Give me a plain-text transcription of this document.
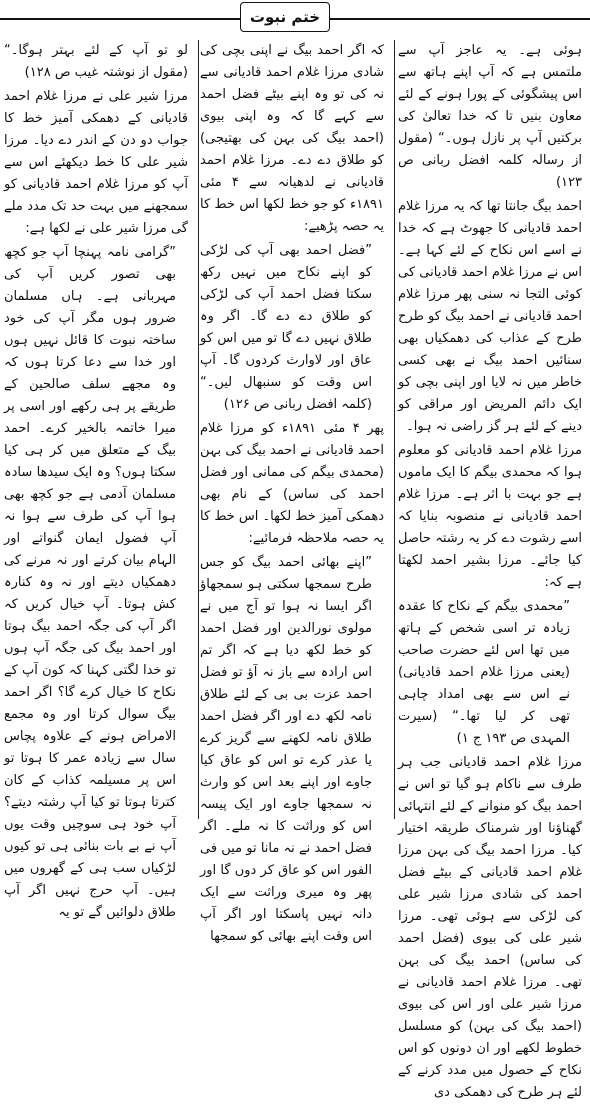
ختم نبوت

ہوئی ہے۔ یہ عاجز آپ سے ملتمس ہے کہ آپ اپنے ہاتھ سے اس پیشگوئی کے پورا ہونے کے لئے معاون بنیں تا کہ خدا تعالیٰ کی برکتیں آپ پر نازل ہوں۔“ (مقول از رسالہ کلمہ افضل ربانی ص ۱۲۳)

احمد بیگ جانتا تھا کہ یہ مرزا غلام احمد قادیانی کا جھوٹ ہے کہ خدا نے اسے اس نکاح کے لئے کہا ہے۔ اس نے مرزا غلام احمد قادیانی کی کوئی التجا نہ سنی پھر مرزا غلام احمد قادیانی نے احمد بیگ کو طرح طرح کے عذاب کی دھمکیاں بھی سنائیں احمد بیگ نے بھی کسی خاطر میں نہ لایا اور اپنی بچی کو ایک دائم المریض اور مراقی کو دینے کے لئے ہر گز راضی نہ ہوا۔

مرزا غلام احمد قادیانی کو معلوم ہوا کہ محمدی بیگم کا ایک ماموں ہے جو بہت با اثر ہے۔ مرزا غلام احمد قادیانی نے منصوبہ بنایا کہ اسے رشوت دے کر یہ رشتہ حاصل کیا جائے۔ مرزا بشیر احمد لکھتا ہے کہ:

”محمدی بیگم کے نکاح کا عقدہ زیادہ تر اسی شخص کے ہاتھ میں تھا اس لئے حضرت صاحب (یعنی مرزا غلام احمد قادیانی) نے اس سے بھی امداد چاہی تھی کر لیا تھا۔“ (سیرت المہدی ص ۱۹۳ ج ۱)

مرزا غلام احمد قادیانی جب ہر طرف سے ناکام ہو گیا تو اس نے احمد بیگ کو منوانے کے لئے انتہائی گھناؤنا اور شرمناک طریقہ اختیار کیا۔ مرزا احمد بیگ کی بہن مرزا غلام احمد قادیانی کے بیٹے فضل احمد کی شادی مرزا شیر علی کی لڑکی سے ہوئی تھی۔ مرزا شیر علی کی بیوی (فضل احمد کی ساس) احمد بیگ کی بہن تھی۔ مرزا غلام احمد قادیانی نے مرزا شیر علی اور اس کی بیوی (احمد بیگ کی بہن) کو مسلسل خطوط لکھے اور ان دونوں کو اس نکاح کے حصول میں مدد کرنے کے لئے ہر طرح کی دھمکی دی

کہ اگر احمد بیگ نے اپنی بچی کی شادی مرزا غلام احمد قادیانی سے نہ کی تو وہ اپنے بیٹے فضل احمد سے کہے گا کہ وہ اپنی بیوی (احمد بیگ کی بہن کی بھتیجی) کو طلاق دے دے۔ مرزا غلام احمد قادیانی نے لدھیانہ سے ۴ مئی ۱۸۹۱ء کو جو خط لکھا اس خط کا یہ حصہ پڑھیے:

”فضل احمد بھی آپ کی لڑکی کو اپنے نکاح میں نہیں رکھ سکتا فضل احمد آپ کی لڑکی کو طلاق دے دے گا۔ اگر وہ طلاق نہیں دے گا تو میں اس کو عاق اور لاوارث کردوں گا۔ آپ اس وقت کو سنبھال لیں۔“ (کلمہ افضل ربانی ص ۱۲۶)

پھر ۴ مئی ۱۸۹۱ء کو مرزا غلام احمد قادیانی نے احمد بیگ کی بہن (محمدی بیگم کی ممانی اور فضل احمد کی ساس) کے نام بھی دھمکی آمیز خط لکھا۔ اس خط کا یہ حصہ ملاحظہ فرمائیے:

”اپنے بھائی احمد بیگ کو جس طرح سمجھا سکتی ہو سمجھاؤ اگر ایسا نہ ہوا تو آج میں نے مولوی نورالدین اور فضل احمد کو خط لکھ دیا ہے کہ اگر تم اس ارادہ سے باز نہ آؤ تو فضل احمد عزت بی بی کے لئے طلاق نامہ لکھ دے اور اگر فضل احمد طلاق نامہ لکھنے سے گریز کرے یا عذر کرے تو اس کو عاق کیا جاوے اور اپنے بعد اس کو وارث نہ سمجھا جاوے اور ایک پیسہ اس کو وراثت کا نہ ملے۔ اگر فضل احمد نے نہ مانا تو میں فی الفور اس کو عاق کر دوں گا اور پھر وہ میری وراثت سے ایک دانہ نہیں پاسکتا اور اگر آپ اس وقت اپنے بھائی کو سمجھا

لو تو آپ کے لئے بہتر ہوگا۔“ (مقول از نوشتہ غیب ص ۱۲۸)

مرزا شیر علی نے مرزا غلام احمد قادیانی کے دھمکی آمیز خط کا جواب دو دن کے اندر دے دیا۔ مرزا شیر علی کا خط دیکھئے اس سے آپ کو مرزا غلام احمد قادیانی کو سمجھنے میں بہت حد تک مدد ملے گی مرزا شیر علی نے لکھا ہے:

”گرامی نامہ پہنچا آپ جو کچھ بھی تصور کریں آپ کی مہربانی ہے۔ ہاں مسلمان ضرور ہوں مگر آپ کی خود ساختہ نبوت کا قائل نہیں ہوں اور خدا سے دعا کرتا ہوں کہ وہ مجھے سلف صالحین کے طریقے پر ہی رکھے اور اسی پر میرا خاتمہ بالخیر کرے۔ احمد بیگ کے متعلق میں کر ہی کیا سکتا ہوں؟ وہ ایک سیدھا سادہ مسلمان آدمی ہے جو کچھ بھی ہوا آپ کی طرف سے ہوا نہ آپ فضول ایمان گنواتے اور الہام بیان کرتے اور نہ مرنے کی دھمکیاں دیتے اور نہ وہ کنارہ کش ہوتا۔ آپ خیال کریں کہ اگر آپ کی جگہ احمد بیگ ہوتا اور احمد بیگ کی جگہ آپ ہوں تو خدا لگتی کہنا کہ کون آپ کے نکاح کا خیال کرے گا؟ اگر احمد بیگ سوال کرتا اور وہ مجمع الامراض ہونے کے علاوہ پچاس سال سے زیادہ عمر کا ہوتا تو اس پر مسیلمہ کذاب کے کان کترتا ہوتا تو کیا آپ رشتہ دیتے؟ آپ خود ہی سوچیں وقت یوں آپ نے بے بات بنائی ہی تو کیوں لڑکیاں سب ہی کے گھروں میں ہیں۔ آپ حرج نہیں اگر آپ طلاق دلوائیں گے تو یہ
